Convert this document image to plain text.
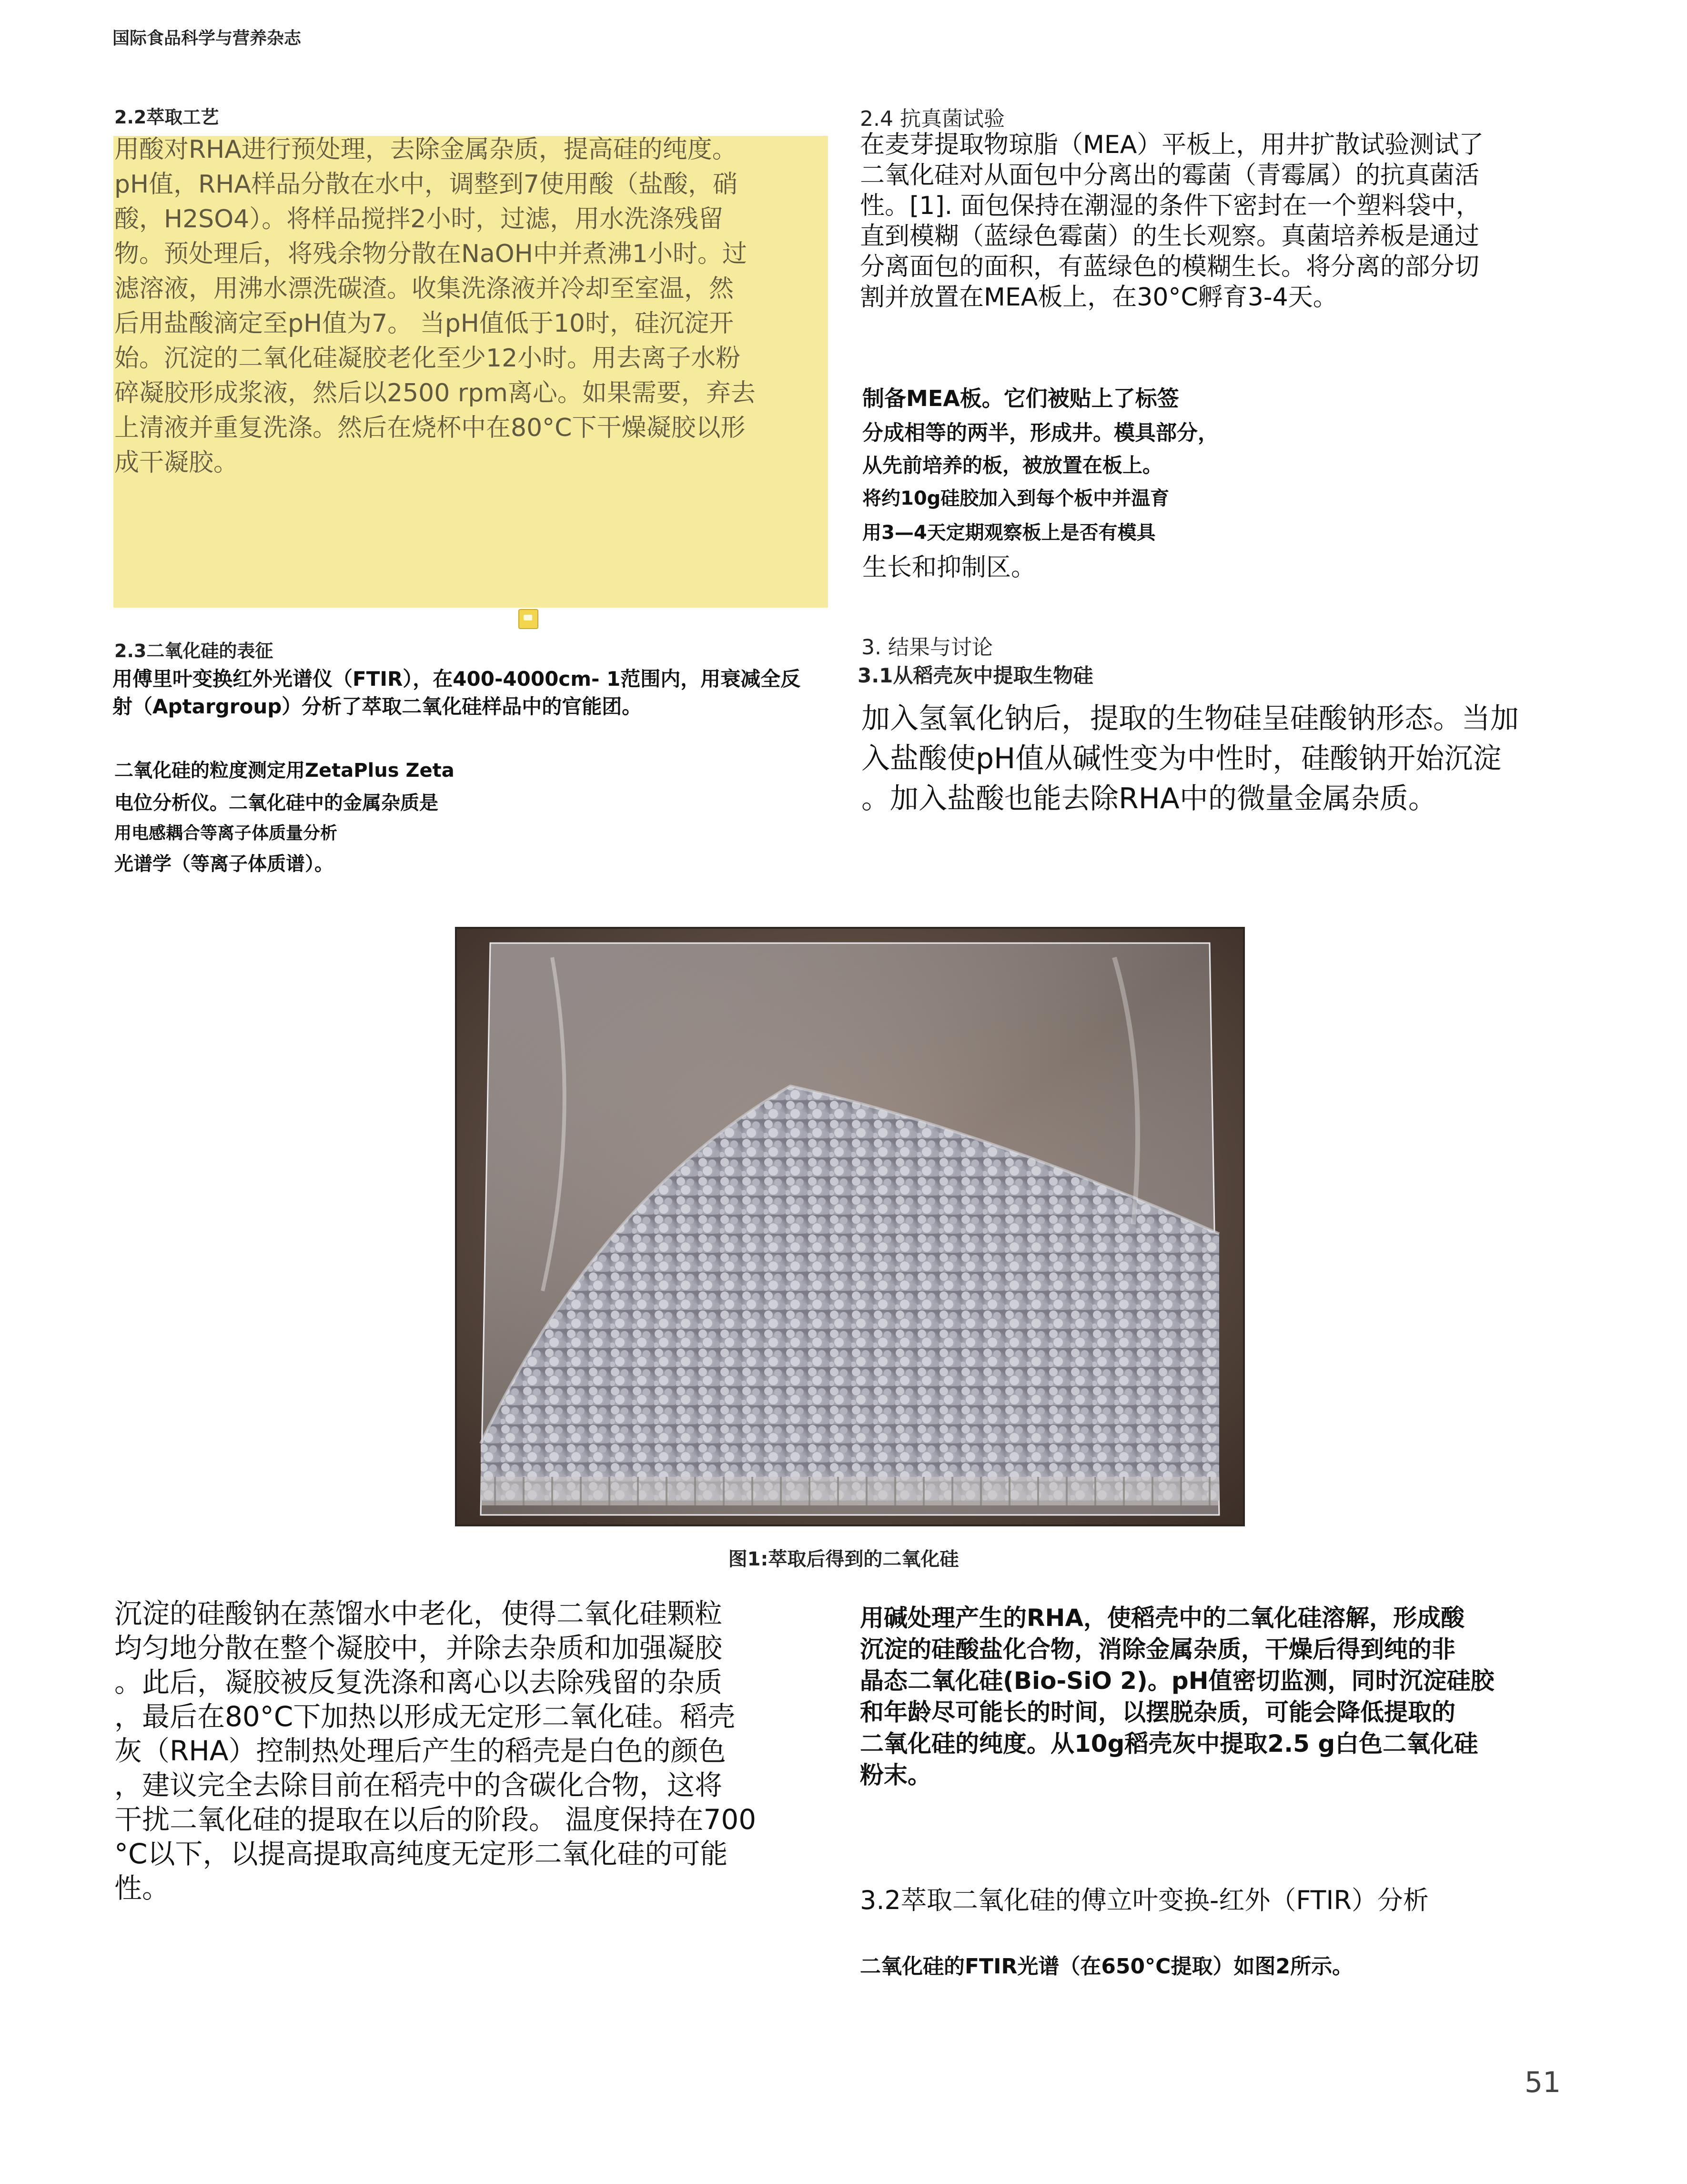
国际食品科学与营养杂志
2.2萃取工艺
用酸对RHA进行预处理，去除金属杂质，提高硅的纯度。
pH值，RHA样品分散在水中，调整到7使用酸（盐酸，硝
酸，H2SO4）。将样品搅拌2小时，过滤，用水洗涤残留
物。预处理后，将残余物分散在NaOH中并煮沸1小时。过
滤溶液，用沸水漂洗碳渣。收集洗涤液并冷却至室温，然
后用盐酸滴定至pH值为7。 当pH值低于10时，硅沉淀开
始。沉淀的二氧化硅凝胶老化至少12小时。用去离子水粉
碎凝胶形成浆液，然后以2500 rpm离心。如果需要，弃去
上清液并重复洗涤。然后在烧杯中在80°C下干燥凝胶以形
成干凝胶。
2.3二氧化硅的表征
用傅里叶变换红外光谱仪（FTIR），在400-4000cm- 1范围内，用衰减全反
射（Aptargroup）分析了萃取二氧化硅样品中的官能团。
二氧化硅的粒度测定用ZetaPlus Zeta
电位分析仪。二氧化硅中的金属杂质是
用电感耦合等离子体质量分析
光谱学（等离子体质谱）。
2.4 抗真菌试验
在麦芽提取物琼脂（MEA）平板上，用井扩散试验测试了
二氧化硅对从面包中分离出的霉菌（青霉属）的抗真菌活
性。[1]. 面包保持在潮湿的条件下密封在一个塑料袋中，
直到模糊（蓝绿色霉菌）的生长观察。真菌培养板是通过
分离面包的面积，有蓝绿色的模糊生长。将分离的部分切
割并放置在MEA板上，在30°C孵育3-4天。
制备MEA板。它们被贴上了标签
分成相等的两半，形成井。模具部分，
从先前培养的板，被放置在板上。
将约10g硅胶加入到每个板中并温育
用3—4天定期观察板上是否有模具
生长和抑制区。
3. 结果与讨论
3.1从稻壳灰中提取生物硅
加入氢氧化钠后，提取的生物硅呈硅酸钠形态。当加
入盐酸使pH值从碱性变为中性时，硅酸钠开始沉淀
。加入盐酸也能去除RHA中的微量金属杂质。
图1:萃取后得到的二氧化硅
沉淀的硅酸钠在蒸馏水中老化，使得二氧化硅颗粒
均匀地分散在整个凝胶中，并除去杂质和加强凝胶
。此后，凝胶被反复洗涤和离心以去除残留的杂质
，最后在80°C下加热以形成无定形二氧化硅。稻壳
灰（RHA）控制热处理后产生的稻壳是白色的颜色
，建议完全去除目前在稻壳中的含碳化合物，这将
干扰二氧化硅的提取在以后的阶段。 温度保持在700
°C以下，以提高提取高纯度无定形二氧化硅的可能
性。
用碱处理产生的RHA，使稻壳中的二氧化硅溶解，形成酸
沉淀的硅酸盐化合物，消除金属杂质，干燥后得到纯的非
晶态二氧化硅(Bio-SiO 2)。pH值密切监测，同时沉淀硅胶
和年龄尽可能长的时间，以摆脱杂质，可能会降低提取的
二氧化硅的纯度。从10g稻壳灰中提取2.5 g白色二氧化硅
粉末。
3.2萃取二氧化硅的傅立叶变换-红外（FTIR）分析
二氧化硅的FTIR光谱（在650°C提取）如图2所示。
51
